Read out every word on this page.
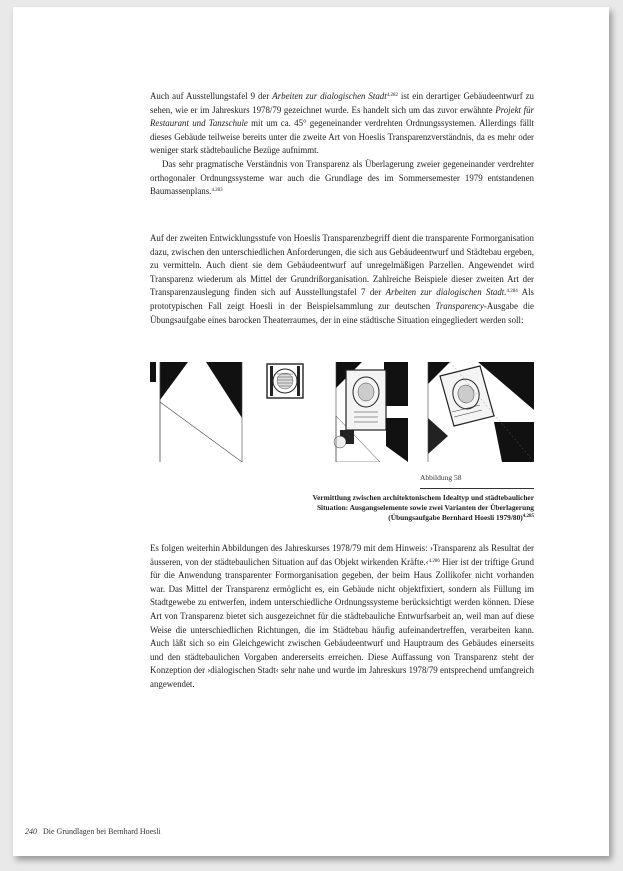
Auch auf Ausstellungstafel 9 der Arbeiten zur dialogischen Stadt$^{4.282}$ ist ein derartiger Gebäudeentwurf zu sehen, wie er im Jahreskurs 1978/79 gezeichnet wurde. Es handelt sich um das zuvor erwähnte Projekt für Restaurant und Tanzschule mit um ca. 45° gegeneinander verdrehten Ordnungssystemen. Allerdings fällt dieses Gebäude teilweise bereits unter die zweite Art von Hoeslis Transparenzverständnis, da es mehr oder weniger stark städtebauliche Bezüge aufnimmt.

Das sehr pragmatische Verständnis von Transparenz als Überlagerung zweier gegeneinander verdrehter orthogonaler Ordnungssysteme war auch die Grundlage des im Sommersemester 1979 entstandenen Baumassenplans.$^{4.283}$

Auf der zweiten Entwicklungsstufe von Hoeslis Transparenzbegriff dient die transparente Formorganisation dazu, zwischen den unterschiedlichen Anforderungen, die sich aus Gebäudeentwurf und Städtebau ergeben, zu vermitteln. Auch dient sie dem Gebäudeentwurf auf unregelmäßigen Parzellen. Angewendet wird Transparenz wiederum als Mittel der Grundrißorganisation. Zahlreiche Beispiele dieser zweiten Art der Transparenzauslegung finden sich auf Ausstellungstafel 7 der Arbeiten zur dialogischen Stadt.$^{4.284}$ Als prototypischen Fall zeigt Hoesli in der Beispielsammlung zur deutschen Transparency-Ausgabe die Übungsaufgabe eines barocken Theaterraumes, der in eine städtische Situation eingegliedert werden soll:

Abbildung 58
Vermittlung zwischen architektonischem Idealtyp und städtebaulicher Situation: Ausgangselemente sowie zwei Varianten der Überlagerung (Übungsaufgabe Bernhard Hoesli 1979/80)$^{4.285}$

Es folgen weiterhin Abbildungen des Jahreskurses 1978/79 mit dem Hinweis: ›Transparenz als Resultat der äusseren, von der städtebaulichen Situation auf das Objekt wirkenden Kräfte.‹$^{4.286}$ Hier ist der triftige Grund für die Anwendung transparenter Formorganisation gegeben, der beim Haus Zollikofer nicht vorhanden war. Das Mittel der Transparenz ermöglicht es, ein Gebäude nicht objektfixiert, sondern als Füllung im Stadtgewebe zu entwerfen, indem unterschiedliche Ordnungssysteme berücksichtigt werden können. Diese Art von Transparenz bietet sich ausgezeichnet für die städtebauliche Entwurfsarbeit an, weil man auf diese Weise die unterschiedlichen Richtungen, die im Städtebau häufig aufeinandertreffen, verarbeiten kann. Auch läßt sich so ein Gleichgewicht zwischen Gebäudeentwurf und Hauptraum des Gebäudes einerseits und den städtebaulichen Vorgaben andererseits erreichen. Diese Auffassung von Transparenz steht der Konzeption der ›dialogischen Stadt‹ sehr nahe und wurde im Jahreskurs 1978/79 entsprechend umfangreich angewendet.

240 Die Grundlagen bei Bernhard Hoesli
